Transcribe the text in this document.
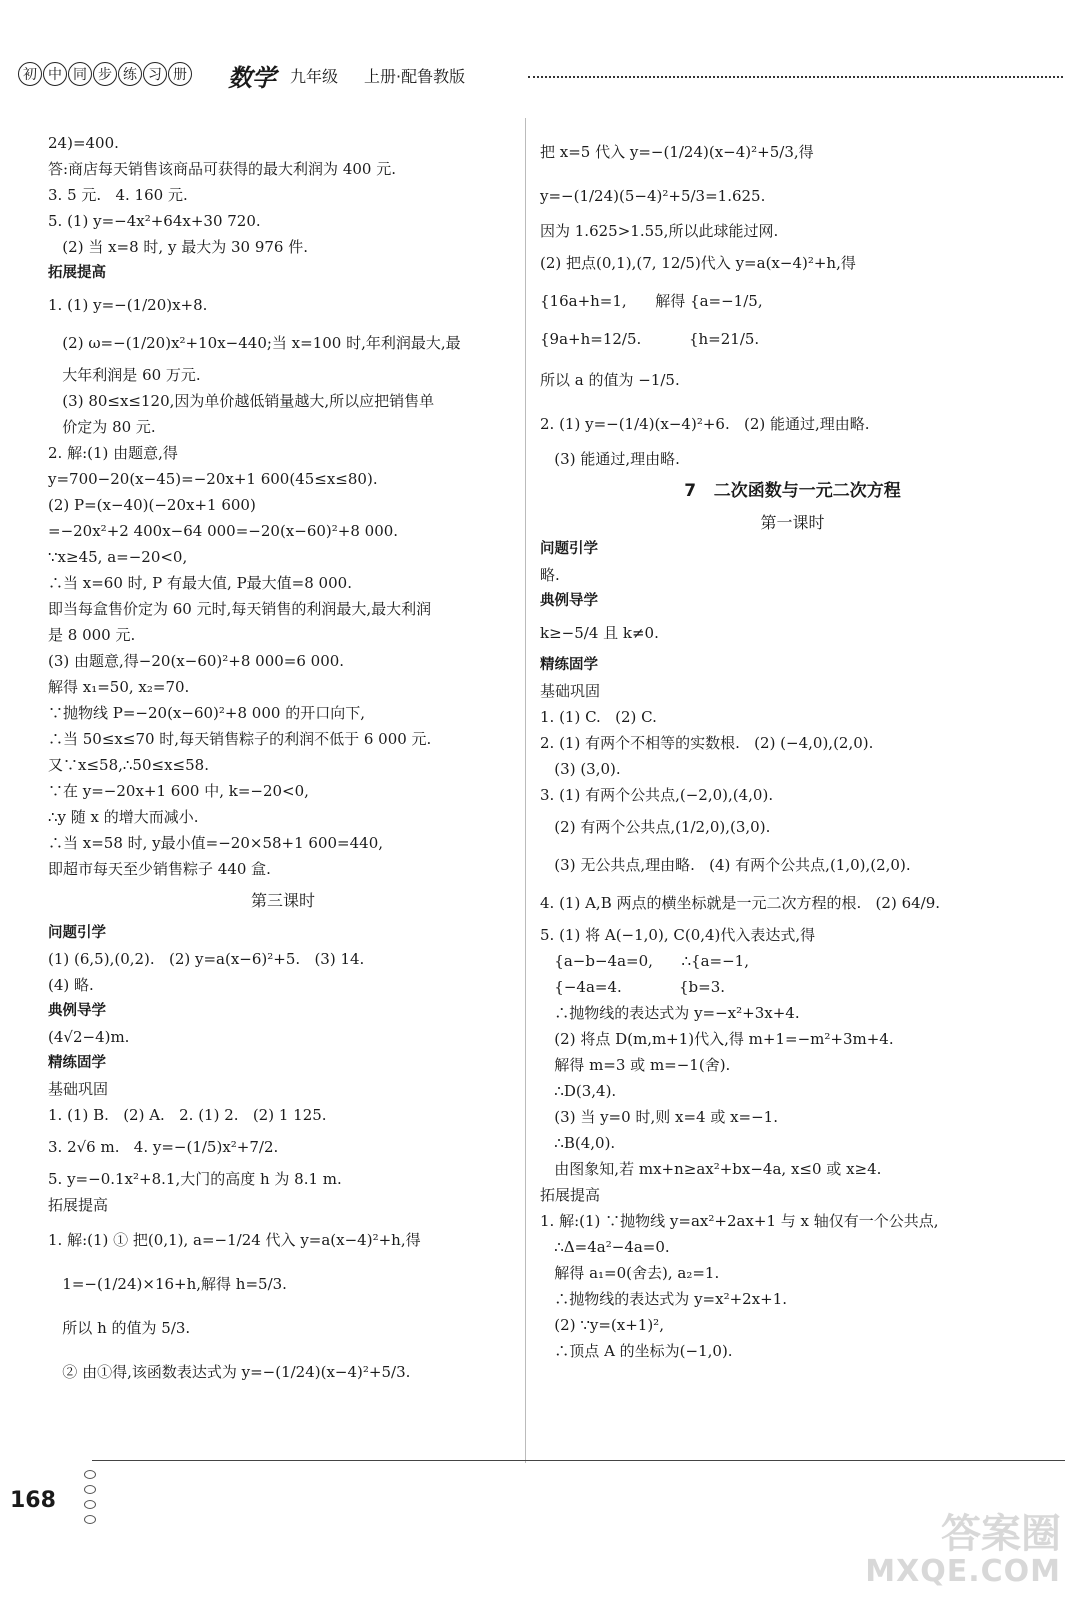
初 中 同 步 练 习 册 数学 九年级 上册·配鲁教版
24)=400.
答:商店每天销售该商品可获得的最大利润为 400 元.
3. 5 元.   4. 160 元.
5. (1) y=−4x²+64x+30 720.
(2) 当 x=8 时, y 最大为 30 976 件.
拓展提高
1. (1) y=−(1/20)x+8.
(2) ω=−(1/20)x²+10x−440;当 x=100 时,年利润最大,最
大年利润是 60 万元.
(3) 80≤x≤120,因为单价越低销量越大,所以应把销售单
价定为 80 元.
2. 解:(1) 由题意,得
y=700−20(x−45)=−20x+1 600(45≤x≤80).
(2) P=(x−40)(−20x+1 600)
=−20x²+2 400x−64 000=−20(x−60)²+8 000.
∵x≥45, a=−20<0,
∴当 x=60 时, P 有最大值, P最大值=8 000.
即当每盒售价定为 60 元时,每天销售的利润最大,最大利润
是 8 000 元.
(3) 由题意,得−20(x−60)²+8 000=6 000.
解得 x₁=50, x₂=70.
∵抛物线 P=−20(x−60)²+8 000 的开口向下,
∴当 50≤x≤70 时,每天销售粽子的利润不低于 6 000 元.
又∵x≤58,∴50≤x≤58.
∵在 y=−20x+1 600 中, k=−20<0,
∴y 随 x 的增大而减小.
∴当 x=58 时, y最小值=−20×58+1 600=440,
即超市每天至少销售粽子 440 盒.
第三课时
问题引学
(1) (6,5),(0,2).   (2) y=a(x−6)²+5.   (3) 14.
(4) 略.
典例导学
(4√2−4)m.
精练固学
基础巩固
1. (1) B.   (2) A.   2. (1) 2.   (2) 1 125.
3. 2√6 m.   4. y=−(1/5)x²+7/2.
5. y=−0.1x²+8.1,大门的高度 h 为 8.1 m.
拓展提高
1. 解:(1) ① 把(0,1), a=−1/24 代入 y=a(x−4)²+h,得
1=−(1/24)×16+h,解得 h=5/3.
所以 h 的值为 5/3.
② 由①得,该函数表达式为 y=−(1/24)(x−4)²+5/3.
把 x=5 代入 y=−(1/24)(x−4)²+5/3,得
y=−(1/24)(5−4)²+5/3=1.625.
因为 1.625>1.55,所以此球能过网.
(2) 把点(0,1),(7, 12/5)代入 y=a(x−4)²+h,得
{16a+h=1,      解得 {a=−1/5,
{9a+h=12/5.          {h=21/5.
所以 a 的值为 −1/5.
2. (1) y=−(1/4)(x−4)²+6.   (2) 能通过,理由略.
(3) 能通过,理由略.
7   二次函数与一元二次方程
第一课时
问题引学
略.
典例导学
k≥−5/4 且 k≠0.
精练固学
基础巩固
1. (1) C.   (2) C.
2. (1) 有两个不相等的实数根.   (2) (−4,0),(2,0).
(3) (3,0).
3. (1) 有两个公共点,(−2,0),(4,0).
(2) 有两个公共点,(1/2,0),(3,0).
(3) 无公共点,理由略.   (4) 有两个公共点,(1,0),(2,0).
4. (1) A,B 两点的横坐标就是一元二次方程的根.   (2) 64/9.
5. (1) 将 A(−1,0), C(0,4)代入表达式,得
{a−b−4a=0,      ∴{a=−1,
{−4a=4.            {b=3.
∴抛物线的表达式为 y=−x²+3x+4.
(2) 将点 D(m,m+1)代入,得 m+1=−m²+3m+4.
解得 m=3 或 m=−1(舍).
∴D(3,4).
(3) 当 y=0 时,则 x=4 或 x=−1.
∴B(4,0).
由图象知,若 mx+n≥ax²+bx−4a, x≤0 或 x≥4.
拓展提高
1. 解:(1) ∵抛物线 y=ax²+2ax+1 与 x 轴仅有一个公共点,
∴Δ=4a²−4a=0.
解得 a₁=0(舍去), a₂=1.
∴抛物线的表达式为 y=x²+2x+1.
(2) ∵y=(x+1)²,
∴顶点 A 的坐标为(−1,0).
168
答案圈
MXQE.COM
